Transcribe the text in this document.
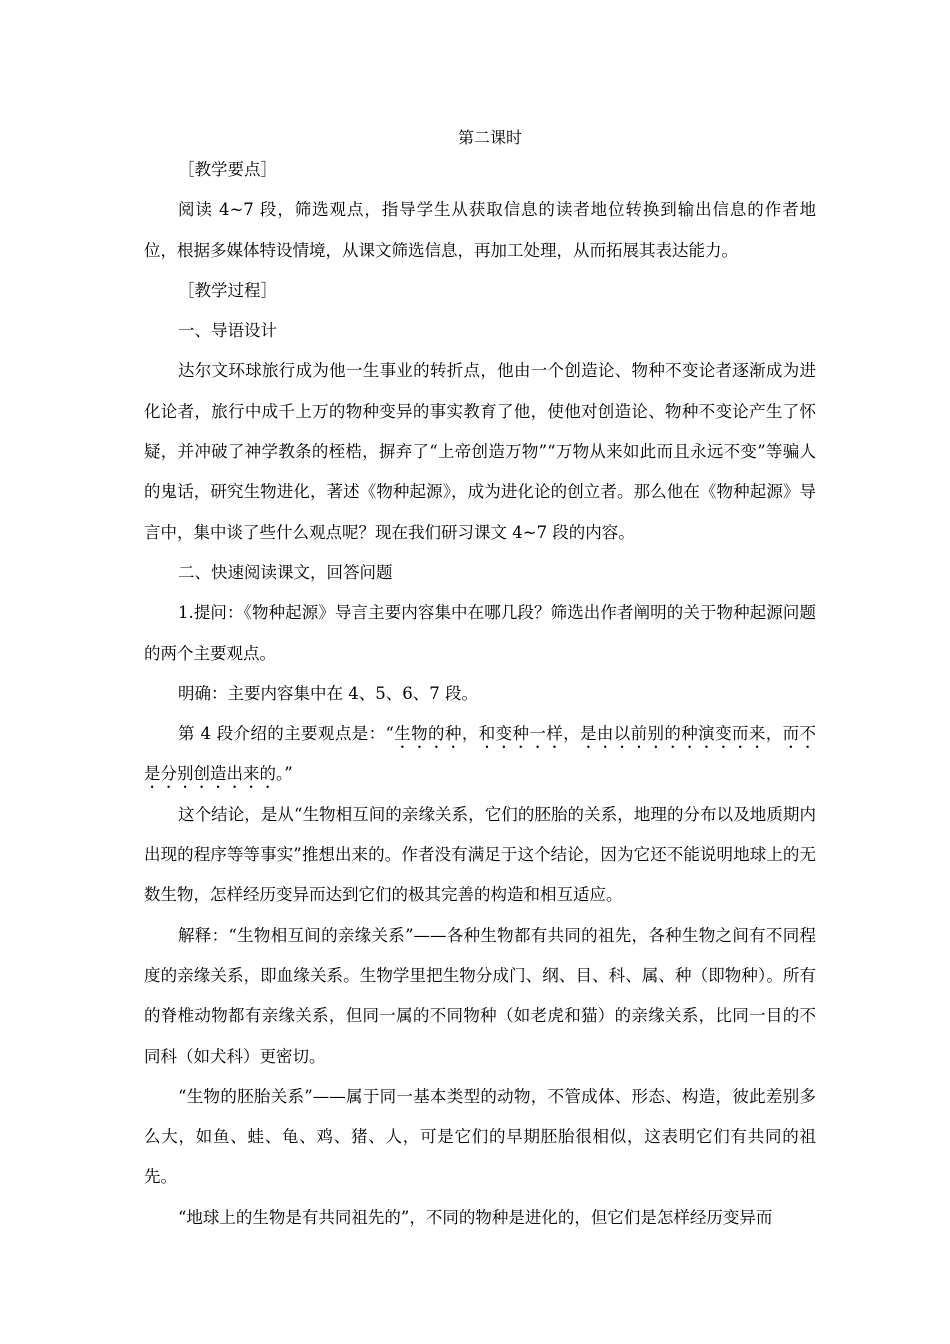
第二课时

［教学要点］

阅读 4~7 段，筛选观点，指导学生从获取信息的读者地位转换到输出信息的作者地位，根据多媒体特设情境，从课文筛选信息，再加工处理，从而拓展其表达能力。

［教学过程］

一、导语设计

达尔文环球旅行成为他一生事业的转折点，他由一个创造论、物种不变论者逐渐成为进化论者，旅行中成千上万的物种变异的事实教育了他，使他对创造论、物种不变论产生了怀疑，并冲破了神学教条的桎梏，摒弃了“上帝创造万物”“万物从来如此而且永远不变”等骗人的鬼话，研究生物进化，著述《物种起源》，成为进化论的创立者。那么他在《物种起源》导言中，集中谈了些什么观点呢？现在我们研习课文 4~7 段的内容。

二、快速阅读课文，回答问题

1.提问：《物种起源》导言主要内容集中在哪几段？筛选出作者阐明的关于物种起源问题的两个主要观点。

明确：主要内容集中在 4、5、6、7 段。

第 4 段介绍的主要观点是：“生物的种，和变种一样，是由以前别的种演变而来，而不是分别创造出来的。”

这个结论，是从“生物相互间的亲缘关系，它们的胚胎的关系，地理的分布以及地质期内出现的程序等等事实”推想出来的。作者没有满足于这个结论，因为它还不能说明地球上的无数生物，怎样经历变异而达到它们的极其完善的构造和相互适应。

解释：“生物相互间的亲缘关系”——各种生物都有共同的祖先，各种生物之间有不同程度的亲缘关系，即血缘关系。生物学里把生物分成门、纲、目、科、属、种（即物种）。所有的脊椎动物都有亲缘关系，但同一属的不同物种（如老虎和猫）的亲缘关系，比同一目的不同科（如犬科）更密切。

“生物的胚胎关系”——属于同一基本类型的动物，不管成体、形态、构造，彼此差别多么大，如鱼、蛙、龟、鸡、猪、人，可是它们的早期胚胎很相似，这表明它们有共同的祖先。

“地球上的生物是有共同祖先的”，不同的物种是进化的，但它们是怎样经历变异而
